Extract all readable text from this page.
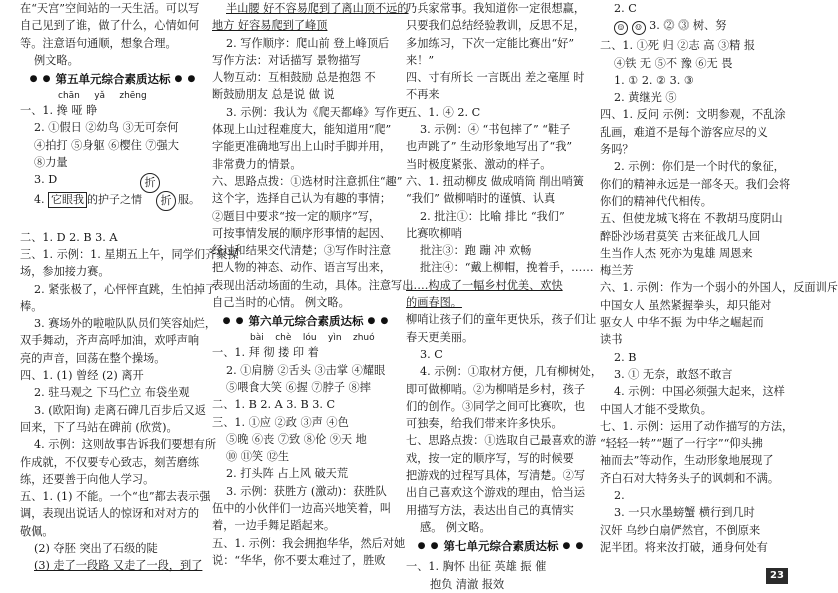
在“天宫”空间站的一天生活。可以写
自己见到了谁，做了什么，心情如何
等。注意语句通顺，想象合理。
例文略。
● ● 第五单元综合素质达标 ● ●
chān yǎ zhēng
一、1. 搀 哑 睁
2. ①假日 ②幼鸟 ③无可奈何
④拍打 ⑤身躯 ⑥樱住 ⑦强大
⑧力量
3. D	折
4. 它眼我 的护子之情	折 服。
二、1. D 2. B 3. A
三、1. 示例：1. 星期五上午，同学们齐聚操
场，参加接力赛。
2. 紧张极了，心怦怦直跳，生怕掉了
棒。
3. 赛场外的啦啦队队员们笑容灿烂，
双手舞动，齐声高呼加油，欢呼声响
亮的声音，回荡在整个操场。
四、1. (1) 曾经 (2) 离开
2. 驻马观之 下马伫立 布袋坐观
3. (欧阳询) 走离石碑几百步后又返
回来，下了马站在碑前 (欣赏)。
4. 示例：这则故事告诉我们要想有所
作成就，不仅要专心致志，刻苦磨练
练，还要善于向他人学习。
五、1. (1) 不能。一个“也”都去表示强
调，表现出说话人的惊讶和对对方的
敬佩。
(2) 夺胚 突出了石级的陡
(3) 走了一段路 又走了一段，到了
半山腰 好不容易爬到了离山顶不远的
地方 好容易爬到了峰顶
2. 写作顺序：爬山前 登上峰顶后
写作方法：对话描写 景物描写
人物互动：互相鼓励 总是抱怨 不
断鼓励朋友 总是说 做 说
3. 示例：我认为《爬天都峰》写作更
体现上山过程难度大，能知道用“爬”
字能更准确地写出上山时手脚并用，
非常费力的情景。
六、思路点拨：①选材时注意抓住“趣”
这个字，选择自己认为有趣的事情；
②题目中要求“按一定的顺序”写，
可按事情发展的顺序形事情的起因、
经过和结果交代清楚；③写作时注意
把人物的神态、动作、语言写出来，
表现出活动场面的生动，具体。注意写出
自己当时的心情。 例文略。
● ● 第六单元综合素质达标 ● ●
bài chè lóu yìn zhuó
一、1. 拜 彻 搂 印 着
2. ①肩膀 ②舌头 ③击掌 ④耀眼
⑤喂食大笑 ⑥握 ⑦脖子 ⑧摔
二、1. B 2. A 3. B 3. C
三、1. ①应 ②政 ③声 ④色
⑤晚 ⑥丧 ⑦致 ⑧伦 ⑨天 地
⑩ ⑪笑 ⑫生
2. 打头阵 占上风 破天荒
3. 示例：获胜方 (激动)：获胜队
伍中的小伙伴们一边高兴地笑着，叫
着，一边手舞足蹈起来。
五、1. 示例：我会拥抱华华，然后对她
说：“华华，你不要太难过了，胜败
乃兵家常事。我知道你一定很想赢，
只要我们总结经验教训，反思不足，
多加练习，下次一定能比赛出“好”
来！”
四、寸有所长 一言既出 差之毫厘 时
不再来
五、1. ④ 2. C
3. 示例：④ “书包摔了” “鞋子
也声跳了” 生动形象地写出了“我”
当时极度紧张、激动的样子。
六、1. 扭动柳皮 做成哨筒 削出哨簧
“我们” 做柳哨时的谨慎、认真
2. 批注①：比喻 排比 “我们”
比赛吹柳哨
批注③：跑 蹦 冲 欢畅
批注④：“戴上柳帽，挽着手，……
……构成了一幅乡村优美、欢快
的画春图。
柳哨让孩子们的童年更快乐，孩子们让
春天更美丽。
3. C
4. 示例：①取材方便，几有柳树处，
即可做柳哨。②为柳哨是乡村，孩子
们的创作。③同学之间可比赛吹，也
可独奏，给我们带来许多快乐。
七、思路点拨：①选取自己最喜欢的游
戏，按一定的顺序写，写的时候要
把游戏的过程写具体，写清楚。②写
出自己喜欢这个游戏的理由，恰当运
用描写方法，表达出自己的真情实
感。 例文略。
● ● 第七单元综合素质达标 ● ●
一、1. 胸怀 出征 英雄 振 催
抱负 清澈 报效
2. C
☺ ☺ 3. ⓶ ⓷ 树、努
二、1. ①死 归 ②志 高 ③精 报
④铁 无 ⑤不 豫 ⑥无 畏
1. ① 2. ② 3. ③
2. 黄继光 ⑤
四、1. 反问 示例：文明参观，不乱涂
乱画，难道不是每个游客应尽的义
务吗？
2. 示例：你们是一个时代的象征，
你们的精神永远是一部冬天。我们会将
你们的精神代代相传。
五、但使龙城飞将在 不教胡马度阴山
醉卧沙场君莫笑 古来征战几人回
生当作人杰 死亦为鬼雄 周恩来
梅兰芳
六、1. 示例：作为一个弱小的外国人，反面训斥
中国女人 虽然紧握拳头，却只能对
驱女人 中华不振 为中华之崛起而
读书
2. B
3. ① 无奈，敢怒不敢言
4. 示例：中国必须强大起来，这样
中国人才能不受欺负。
七、1. 示例：运用了动作描写的方法，
“轻轻一转”“题了一行字”“仰头拂
袖而去”等动作，生动形象地展现了
齐白石对大特务头子的讽刺和不满。
2.
3. 一只水墨螃蟹 横行到几时
汉奸 乌纱白扇俨然官，不倒原来
泥半团。将来汝打破，通身何处有
23
